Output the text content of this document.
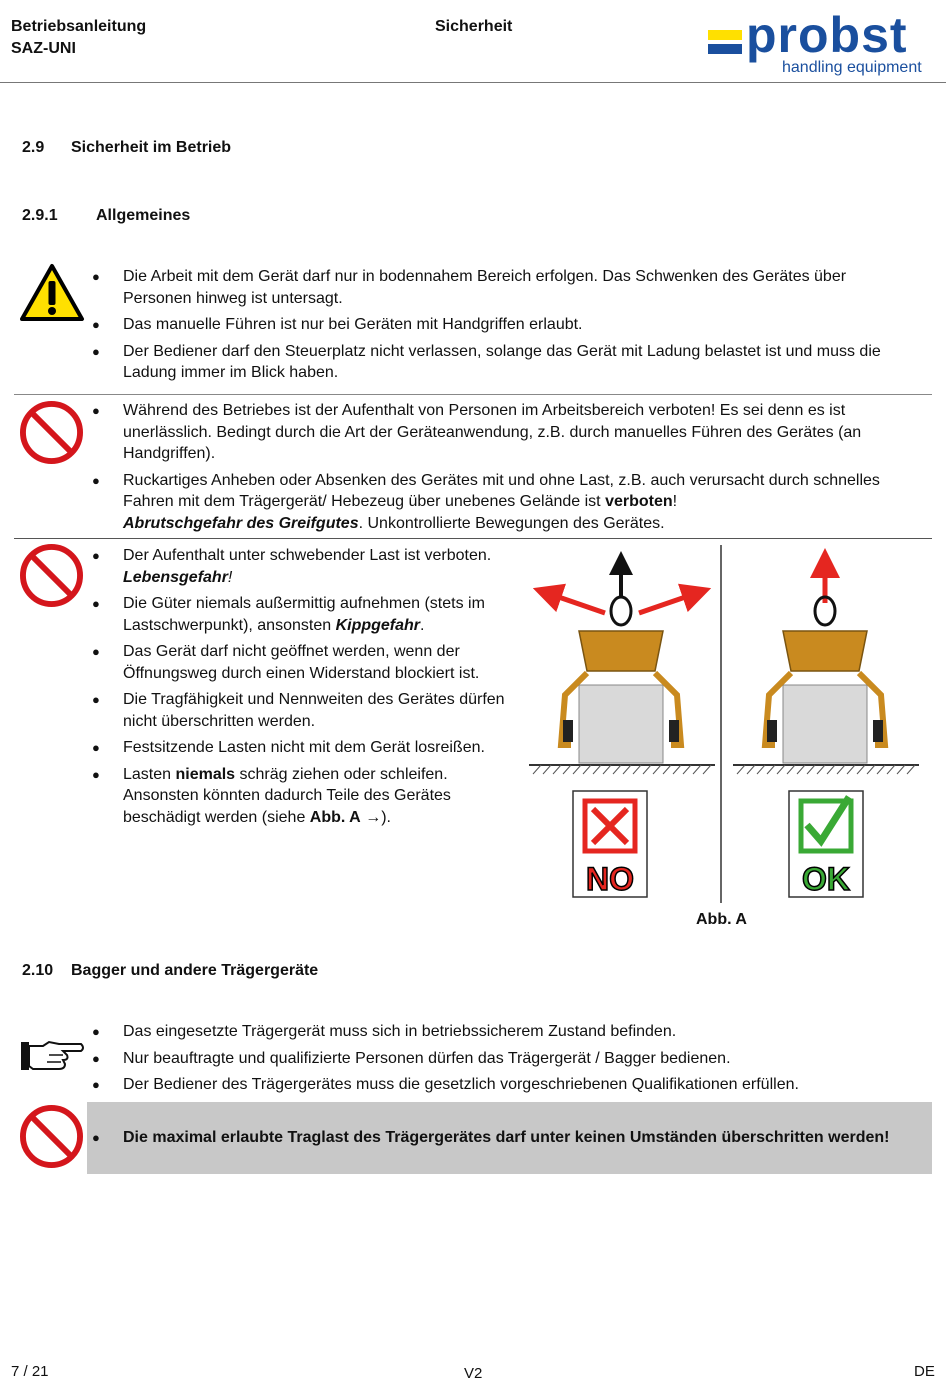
Betriebsanleitung
SAZ-UNI
Sicherheit	probst
handling equipment
2.9 Sicherheit im Betrieb
2.9.1 Allgemeines
● Die Arbeit mit dem Gerät darf nur in bodennahem Bereich erfolgen. Das Schwenken des Gerätes über Personen hinweg ist untersagt.
● Das manuelle Führen ist nur bei Geräten mit Handgriffen erlaubt.
● Der Bediener darf den Steuerplatz nicht verlassen, solange das Gerät mit Ladung belastet ist und muss die Ladung immer im Blick haben.
● Während des Betriebes ist der Aufenthalt von Personen im Arbeitsbereich verboten! Es sei denn es ist unerlässlich. Bedingt durch die Art der Geräteanwendung, z.B. durch manuelles Führen des Gerätes (an Handgriffen).
● Ruckartiges Anheben oder Absenken des Gerätes mit und ohne Last, z.B. auch verursacht durch schnelles Fahren mit dem Trägergerät/ Hebezeug über unebenes Gelände ist verboten!
Abrutschgefahr des Greifgutes. Unkontrollierte Bewegungen des Gerätes.
● Der Aufenthalt unter schwebender Last ist verboten. Lebensgefahr!
● Die Güter niemals außermittig aufnehmen (stets im Lastschwerpunkt), ansonsten Kippgefahr.
● Das Gerät darf nicht geöffnet werden, wenn der Öffnungsweg durch einen Widerstand blockiert ist.
● Die Tragfähigkeit und Nennweiten des Gerätes dürfen nicht überschritten werden.
● Festsitzende Lasten nicht mit dem Gerät losreißen.
● Lasten niemals schräg ziehen oder schleifen. Ansonsten könnten dadurch Teile des Gerätes beschädigt werden (siehe Abb. A →).
NO	OK
Abb. A
2.10 Bagger und andere Trägergeräte
● Das eingesetzte Trägergerät muss sich in betriebssicherem Zustand befinden.
● Nur beauftragte und qualifizierte Personen dürfen das Trägergerät / Bagger bedienen.
● Der Bediener des Trägergerätes muss die gesetzlich vorgeschriebenen Qualifikationen erfüllen.
● Die maximal erlaubte Traglast des Trägergerätes darf unter keinen Umständen überschritten werden!
7 / 21	V2	DE
